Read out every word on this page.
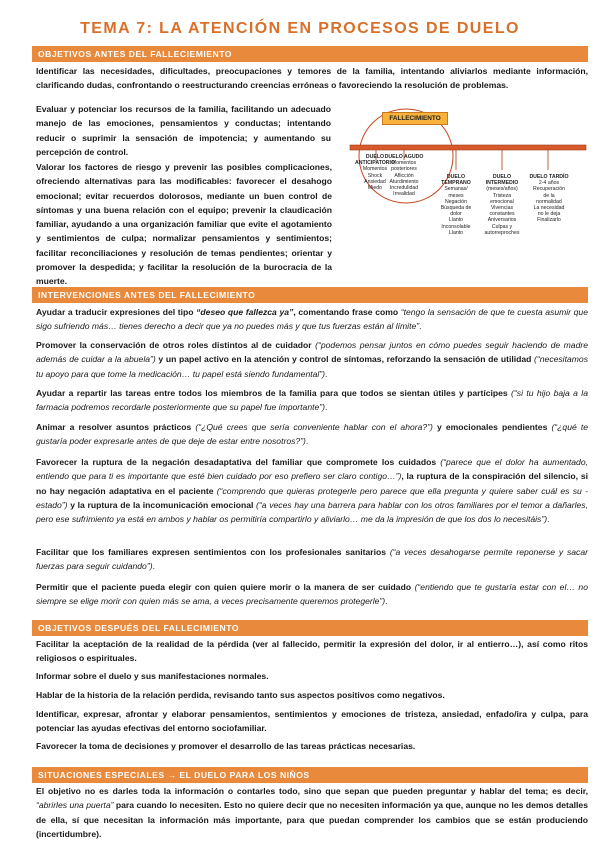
TEMA 7: LA ATENCIÓN EN PROCESOS DE DUELO
OBJETIVOS ANTES DEL FALLECIEMIENTO
Identificar las necesidades, dificultades, preocupaciones y temores de la familia, intentando aliviarlos mediante información, clarificando dudas, confrontando o reestructurando creencias erróneas o favoreciendo la resolución de problemas.
Evaluar y potenciar los recursos de la familia, facilitando un adecuado manejo de las emociones, pensamientos y conductas; intentando reducir o suprimir la sensación de impotencia; y aumentando su percepción de control.
Valorar los factores de riesgo y prevenir las posibles complicaciones, ofreciendo alternativas para las modificables: favorecer el desahogo emocional; evitar recuerdos dolorosos, mediante un buen control de síntomas y una buena relación con el equipo; prevenir la claudicación familiar, ayudando a una organización familiar que evite el agotamiento y sentimientos de culpa; normalizar pensamientos y sentimientos; facilitar reconciliaciones y resolución de temas pendientes; orientar y promover la despedida; y facilitar la resolución de la burocracia de la muerte.
FALLECIMIENTO
DUELO ANTICIPATORIO
Momentos
Shock
Ansiedad
Miedo
DUELO AGUDO
Momentos
posteriores
Aflicción
Aturdimiento
Incredulidad
Irrealidad
DUELO TEMPRANO
Semanas/
meses
Negación
Búsqueda de
dolor
Llanto
Inconsolable
Llanto
DUELO INTERMEDIO
(meses/años)
Tristeza
emocional
Vivencias
constantes
Aniversarios
Culpas y
autorreproches
DUELO TARDÍO
2-4 años
Recuperación
de la
normalidad
La necesidad
no le deja
Finalizarlo
INTERVENCIONES ANTES DEL FALLECIMIENTO
Ayudar a traducir expresiones del tipo “deseo que fallezca ya”, comentando frase como “tengo la sensación de que te cuesta asumir que sigo sufriendo más… tienes derecho a decir que ya no puedes más y que tus fuerzas están al límite”.
Promover la conservación de otros roles distintos al de cuidador (“podemos pensar juntos en cómo puedes seguir haciendo de madre además de cuidar a la abuela”) y un papel activo en la atención y control de síntomas, reforzando la sensación de utilidad (“necesitamos tu apoyo para que tome la medicación… tu papel está siendo fundamental”).
Ayudar a repartir las tareas entre todos los miembros de la familia para que todos se sientan útiles y partícipes (“si tu hijo baja a la farmacia podremos recordarle posteriormente que su papel fue importante”).
Animar a resolver asuntos prácticos (“¿Qué crees que sería conveniente hablar con el ahora?”) y emocionales pendientes (“¿qué te gustaría poder expresarle antes de que deje de estar entre nosotros?”).
Favorecer la ruptura de la negación desadaptativa del familiar que compromete los cuidados (“parece que el dolor ha aumentado, entiendo que para ti es importante que esté bien cuidado por eso prefiero ser claro contigo…”), la ruptura de la conspiración del silencio, si no hay negación adaptativa en el paciente (“comprendo que quieras protegerle pero parece que ella pregunta y quiere saber cuál es su -estado”) y la ruptura de la incomunicación emocional (“a veces hay una barrera para hablar con los otros familiares por el temor a dañarles, pero ese sufrimiento ya está en ambos y hablar os permitiría compartirlo y aliviarlo… me da la impresión de que los dos lo necesitáis”).
Facilitar que los familiares expresen sentimientos con los profesionales sanitarios (“a veces desahogarse permite reponerse y sacar fuerzas para seguir cuidando”).
Permitir que el paciente pueda elegir con quien quiere morir o la manera de ser cuidado (“entiendo que te gustaría estar con el… no siempre se elige morir con quien más se ama, a veces precisamente queremos protegerle”).
OBJETIVOS DESPUÉS DEL FALLECIMIENTO
Facilitar la aceptación de la realidad de la pérdida (ver al fallecido, permitir la expresión del dolor, ir al entierro…), así como ritos religiosos o espirituales.
Informar sobre el duelo y sus manifestaciones normales.
Hablar de la historia de la relación perdida, revisando tanto sus aspectos positivos como negativos.
Identificar, expresar, afrontar y elaborar pensamientos, sentimientos y emociones de tristeza, ansiedad, enfado/ira y culpa, para potenciar las ayudas efectivas del entorno sociofamiliar.
Favorecer la toma de decisiones y promover el desarrollo de las tareas prácticas necesarias.
SITUACIONES ESPECIALES → EL DUELO PARA LOS NIÑOS
El objetivo no es darles toda la información o contarles todo, sino que sepan que pueden preguntar y hablar del tema; es decir, “abrirles una puerta” para cuando lo necesiten. Esto no quiere decir que no necesiten información ya que, aunque no les demos detalles de ella, sí que necesitan la información más importante, para que puedan comprender los cambios que se están produciendo (incertidumbre).
